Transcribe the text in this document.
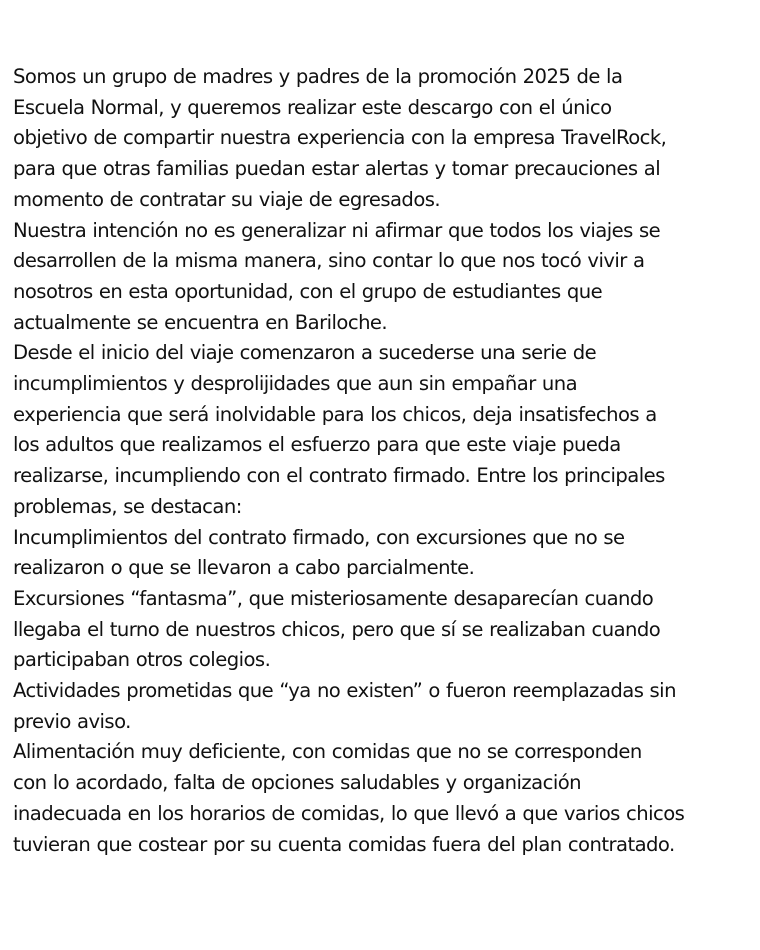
Somos un grupo de madres y padres de la promoción 2025 de la
Escuela Normal, y queremos realizar este descargo con el único
objetivo de compartir nuestra experiencia con la empresa TravelRock,
para que otras familias puedan estar alertas y tomar precauciones al
momento de contratar su viaje de egresados.
Nuestra intención no es generalizar ni afirmar que todos los viajes se
desarrollen de la misma manera, sino contar lo que nos tocó vivir a
nosotros en esta oportunidad, con el grupo de estudiantes que
actualmente se encuentra en Bariloche.
Desde el inicio del viaje comenzaron a sucederse una serie de
incumplimientos y desprolijidades que aun sin empañar una
experiencia que será inolvidable para los chicos, deja insatisfechos a
los adultos que realizamos el esfuerzo para que este viaje pueda
realizarse, incumpliendo con el contrato firmado. Entre los principales
problemas, se destacan:
Incumplimientos del contrato firmado, con excursiones que no se
realizaron o que se llevaron a cabo parcialmente.
Excursiones “fantasma”, que misteriosamente desaparecían cuando
llegaba el turno de nuestros chicos, pero que sí se realizaban cuando
participaban otros colegios.
Actividades prometidas que “ya no existen” o fueron reemplazadas sin
previo aviso.
Alimentación muy deficiente, con comidas que no se corresponden
con lo acordado, falta de opciones saludables y organización
inadecuada en los horarios de comidas, lo que llevó a que varios chicos
tuvieran que costear por su cuenta comidas fuera del plan contratado.
